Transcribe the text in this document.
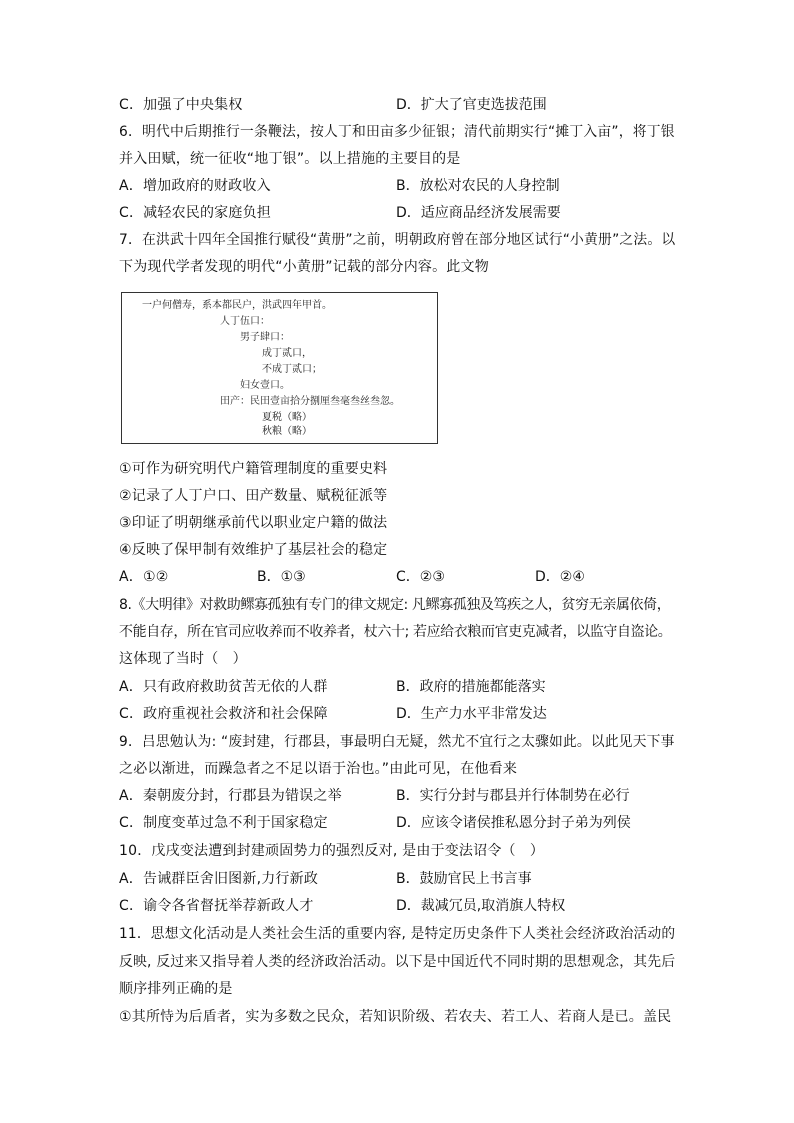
C．加强了中央集权	D．扩大了官吏选拔范围
6．明代中后期推行一条鞭法，按人丁和田亩多少征银；清代前期实行“摊丁入亩”，将丁银
并入田赋，统一征收“地丁银”。以上措施的主要目的是
A．增加政府的财政收入	B．放松对农民的人身控制
C．减轻农民的家庭负担	D．适应商品经济发展需要
7．在洪武十四年全国推行赋役“黄册”之前，明朝政府曾在部分地区试行“小黄册”之法。以
下为现代学者发现的明代“小黄册”记载的部分内容。此文物
一户何僧寿，系本都民户，洪武四年甲首。
人丁伍口：
男子肆口：
成丁贰口，
不成丁贰口；
妇女壹口。
田产：民田壹亩拾分捌厘叁毫叁丝叁忽。
夏税（略）
秋粮（略）
①可作为研究明代户籍管理制度的重要史料
②记录了人丁户口、田产数量、赋税征派等
③印证了明朝继承前代以职业定户籍的做法
④反映了保甲制有效维护了基层社会的稳定
A．①②	B．①③	C．②③	D．②④
8.《大明律》对救助鳏寡孤独有专门的律文规定: 凡鳏寡孤独及笃疾之人，贫穷无亲属依倚，
不能自存，所在官司应收养而不收养者，杖六十; 若应给衣粮而官吏克减者，以监守自盗论。
这体现了当时（　）
A．只有政府救助贫苦无依的人群	B．政府的措施都能落实
C．政府重视社会救济和社会保障	D．生产力水平非常发达
9．吕思勉认为: “废封建，行郡县，事最明白无疑，然尤不宜行之太骤如此。以此见天下事
之必以渐进，而躁急者之不足以语于治也。”由此可见，在他看来
A．秦朝废分封，行郡县为错误之举	B．实行分封与郡县并行体制势在必行
C．制度变革过急不利于国家稳定	D．应该令诸侯推私恩分封子弟为列侯
10．戊戌变法遭到封建顽固势力的强烈反对, 是由于变法诏令（　）
A．告诫群臣舍旧图新,力行新政	B．鼓励官民上书言事
C．谕令各省督抚举荐新政人才	D．裁减冗员,取消旗人特权
11．思想文化活动是人类社会生活的重要内容, 是特定历史条件下人类社会经济政治活动的
反映, 反过来又指导着人类的经济政治活动。以下是中国近代不同时期的思想观念，其先后
顺序排列正确的是
①其所恃为后盾者，实为多数之民众，若知识阶级、若农夫、若工人、若商人是已。盖民
